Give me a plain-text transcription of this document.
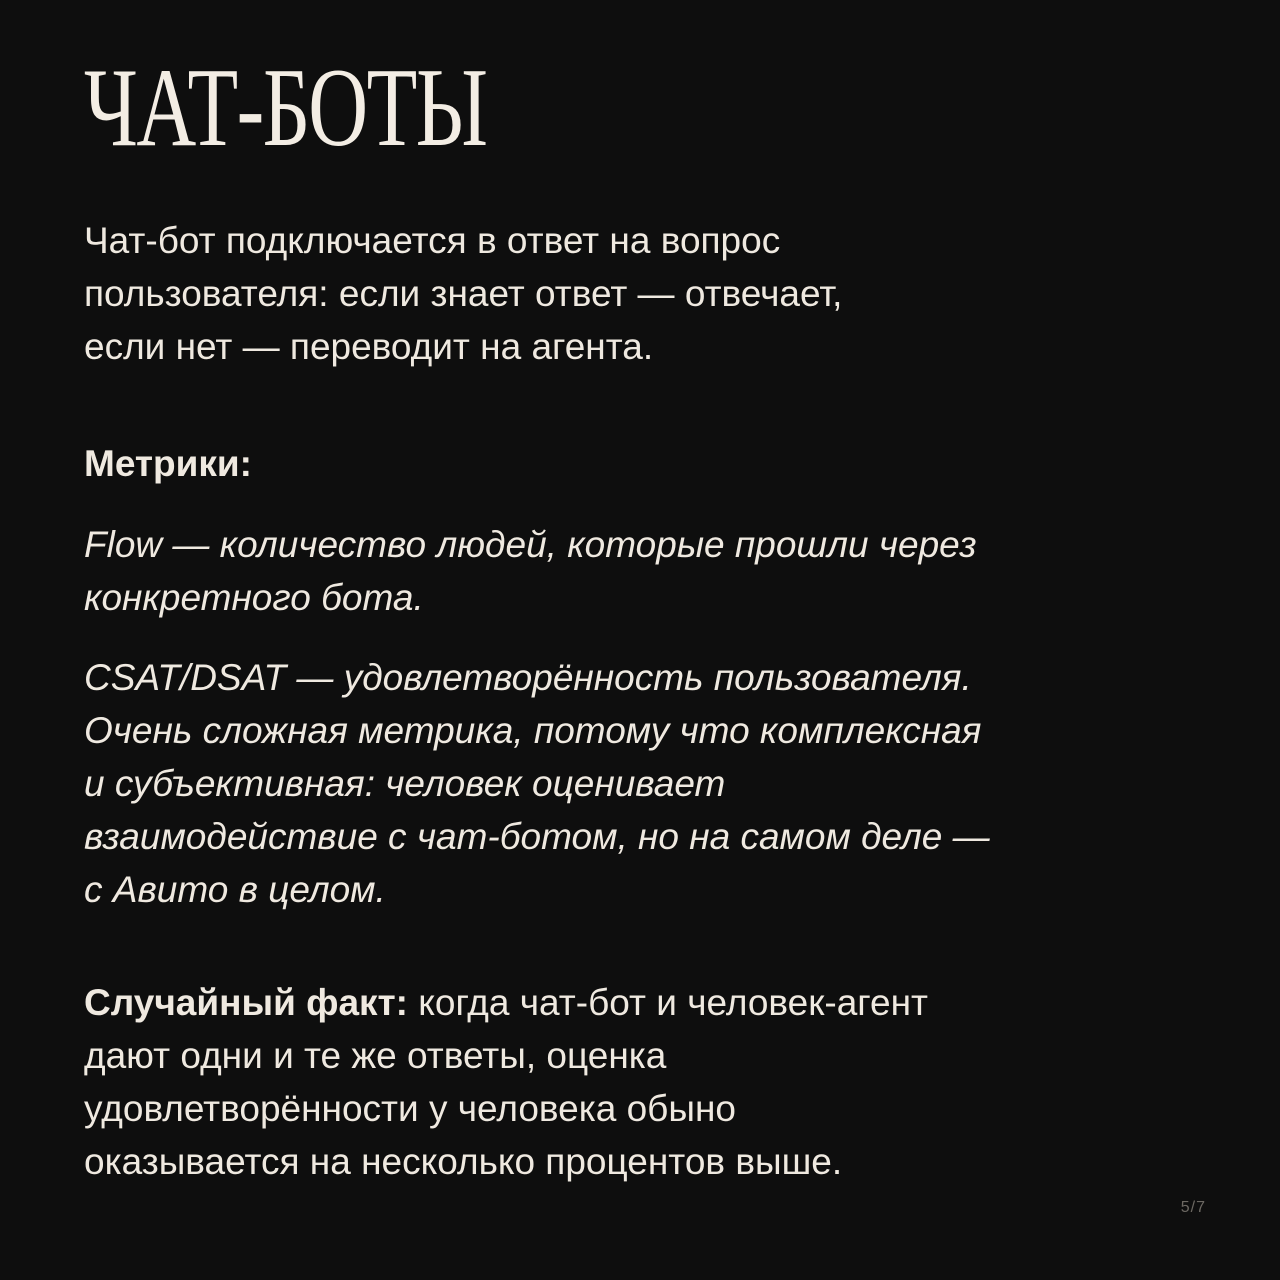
ЧАТ-БОТЫ

Чат-бот подключается в ответ на вопрос
пользователя: если знает ответ — отвечает,
если нет — переводит на агента.

Метрики:

Flow — количество людей, которые прошли через
конкретного бота.

CSAT/DSAT — удовлетворённость пользователя.
Очень сложная метрика, потому что комплексная
и субъективная: человек оценивает
взаимодействие с чат-ботом, но на самом деле —
с Авито в целом.

Случайный факт: когда чат-бот и человек-агент
дают одни и те же ответы, оценка
удовлетворённости у человека обыно
оказывается на несколько процентов выше.

5/7
